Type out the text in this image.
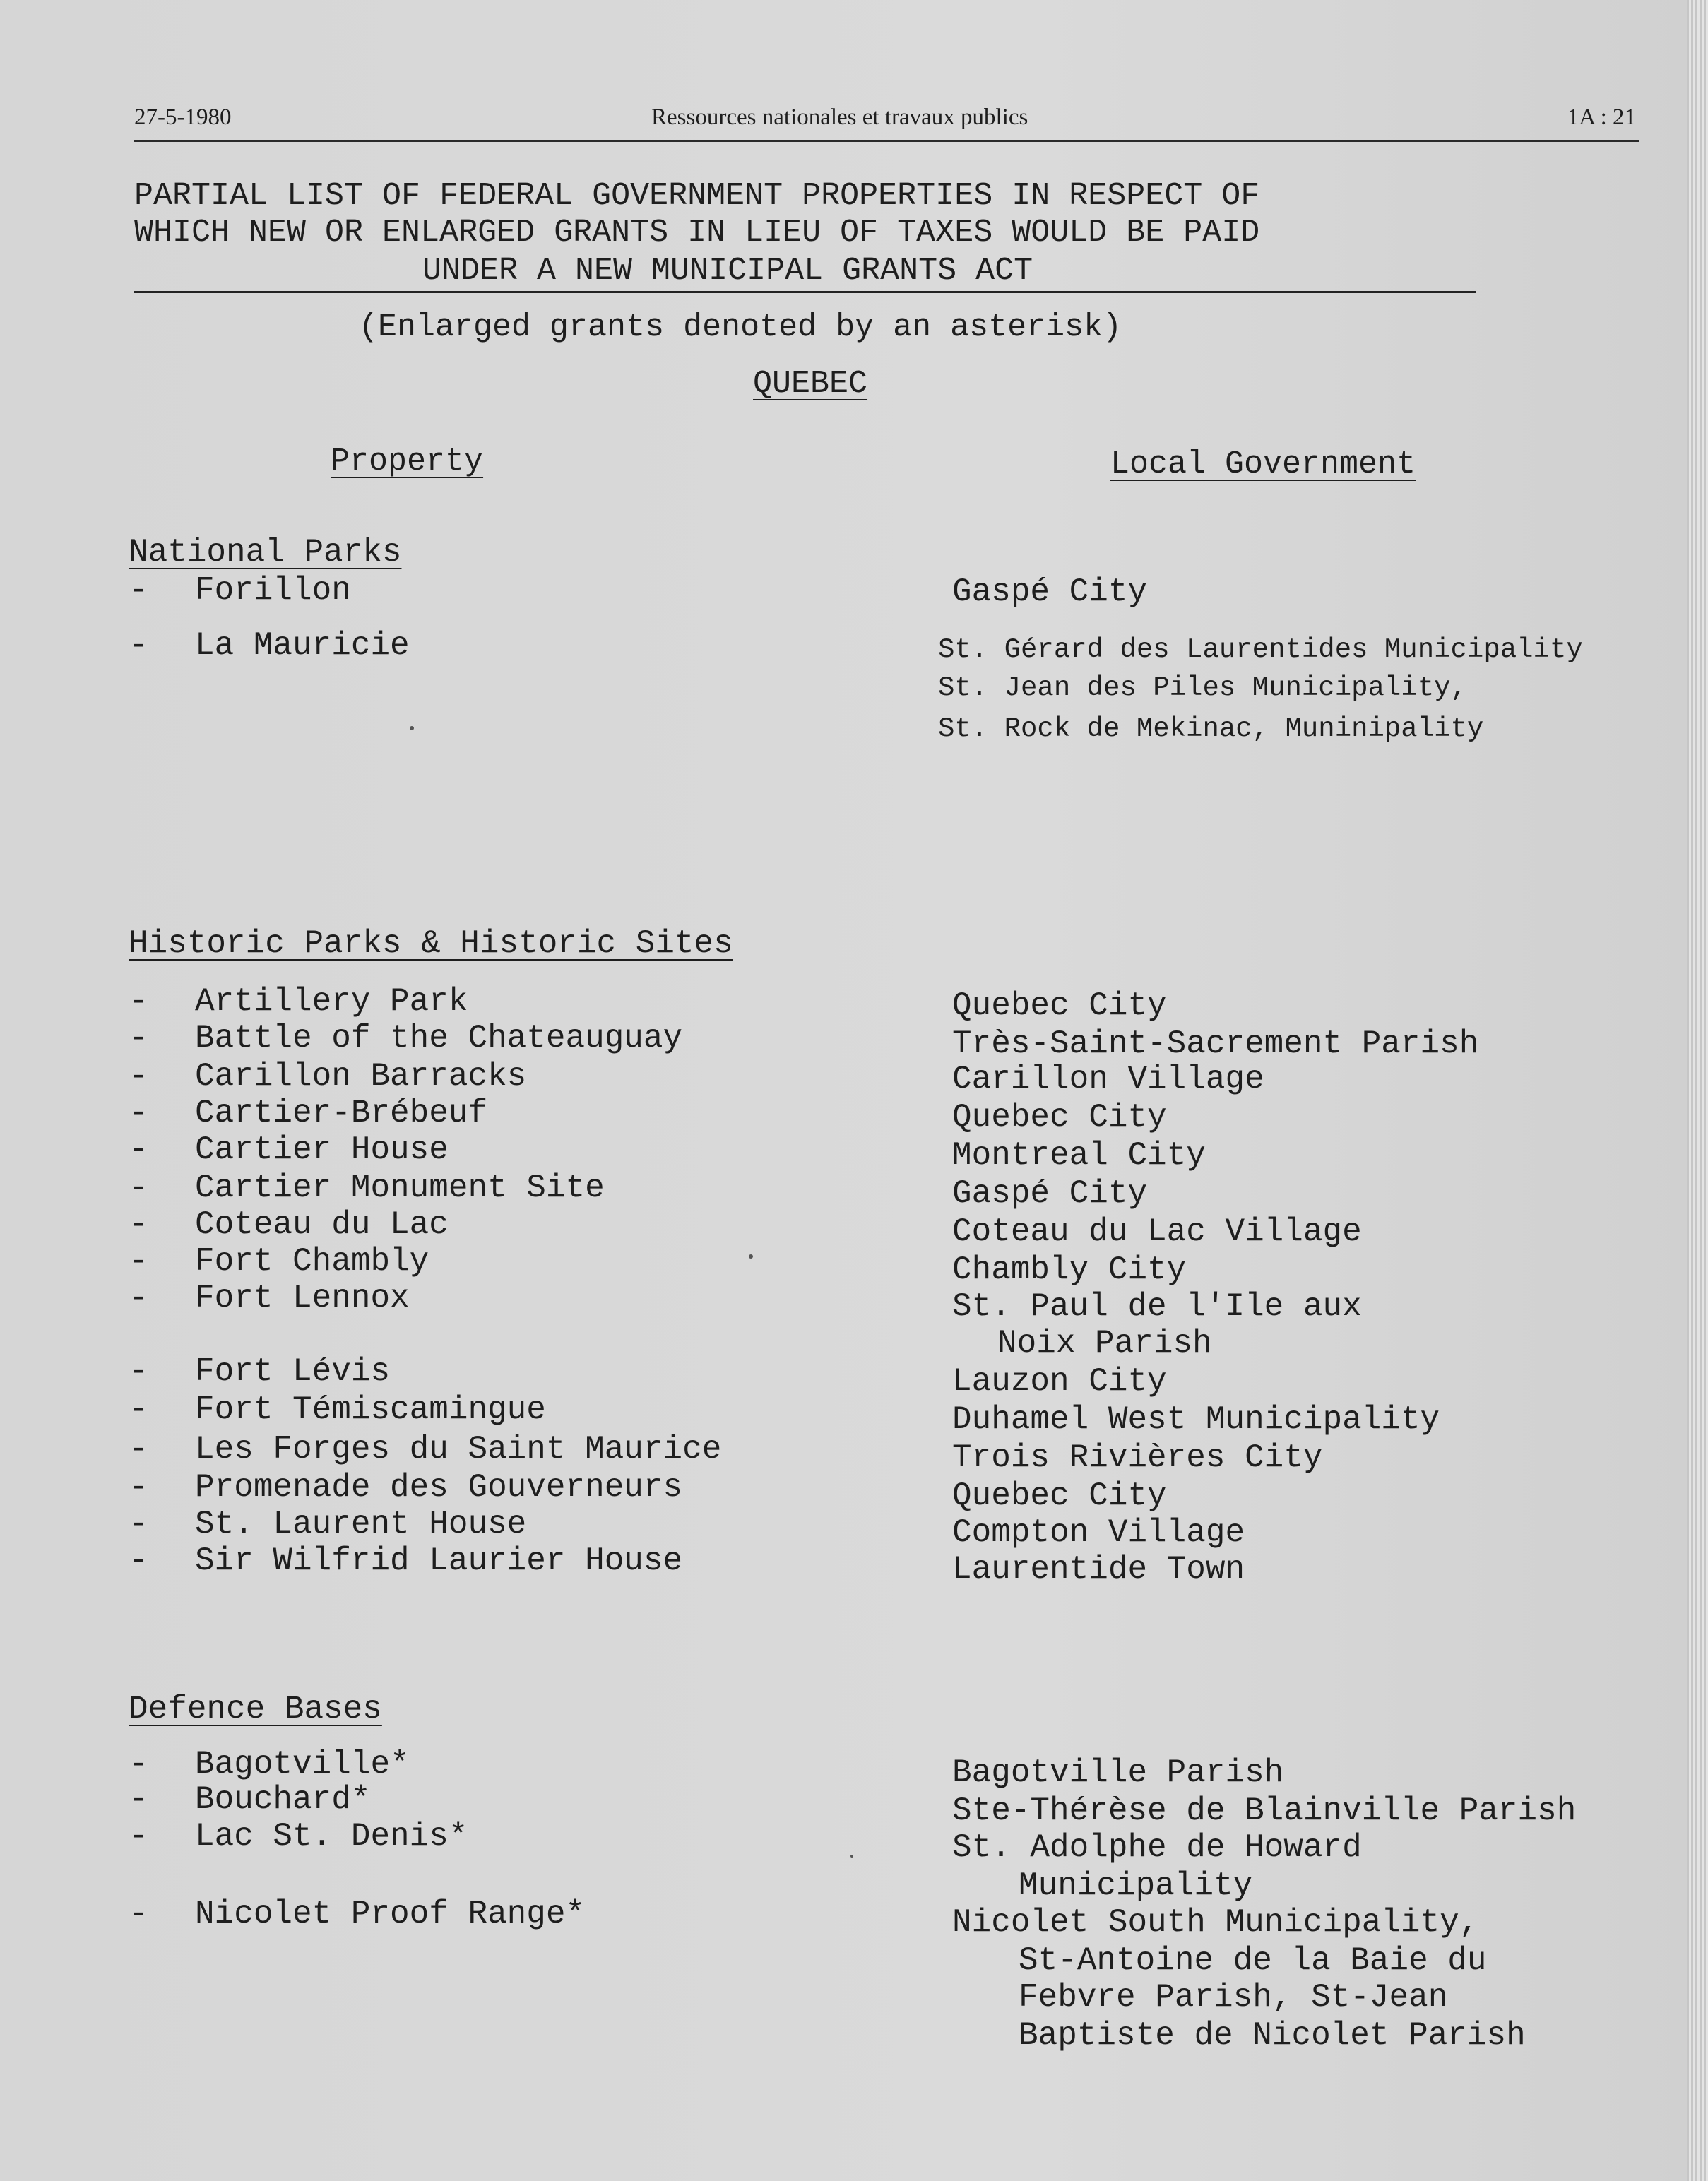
27-5-1980	Ressources nationales et travaux publics	1A : 21
PARTIAL LIST OF FEDERAL GOVERNMENT PROPERTIES IN RESPECT OF
WHICH NEW OR ENLARGED GRANTS IN LIEU OF TAXES WOULD BE PAID
UNDER A NEW MUNICIPAL GRANTS ACT
(Enlarged grants denoted by an asterisk)
QUEBEC
Property	Local Government
National Parks
- Forillon	Gaspé City
- La Mauricie	St. Gérard des Laurentides Municipality
St. Jean des Piles Municipality,
St. Rock de Mekinac, Muninipality
Historic Parks & Historic Sites
- Artillery Park	Quebec City
- Battle of the Chateauguay	Très-Saint-Sacrement Parish
- Carillon Barracks	Carillon Village
- Cartier-Brébeuf	Quebec City
- Cartier House	Montreal City
- Cartier Monument Site	Gaspé City
- Coteau du Lac	Coteau du Lac Village
- Fort Chambly	Chambly City
- Fort Lennox	St. Paul de l'Ile aux
Noix Parish
- Fort Lévis	Lauzon City
- Fort Témiscamingue	Duhamel West Municipality
- Les Forges du Saint Maurice	Trois Rivières City
- Promenade des Gouverneurs	Quebec City
- St. Laurent House	Compton Village
- Sir Wilfrid Laurier House	Laurentide Town
Defence Bases
- Bagotville*	Bagotville Parish
- Bouchard*	Ste-Thérèse de Blainville Parish
- Lac St. Denis*	St. Adolphe de Howard
Municipality
- Nicolet Proof Range*	Nicolet South Municipality,
St-Antoine de la Baie du
Febvre Parish, St-Jean
Baptiste de Nicolet Parish
